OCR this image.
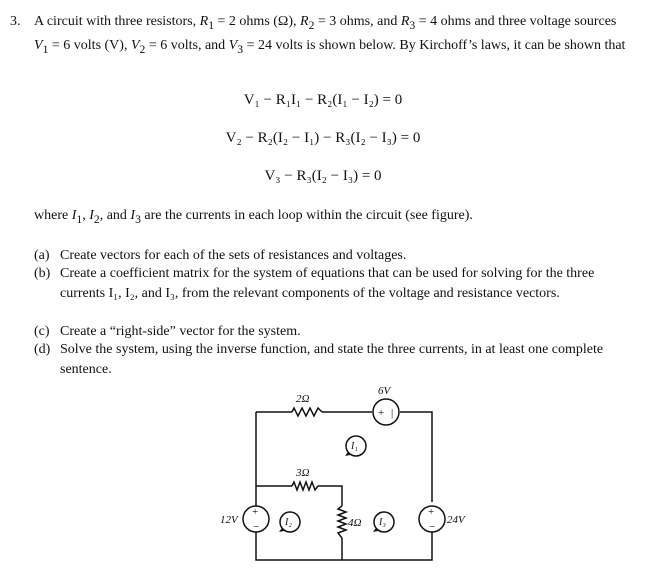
3. A circuit with three resistors, $R_1 = 2$ ohms (Ω), $R_2 = 3$ ohms, and $R_3 = 4$ ohms and three voltage sources $V_1 = 6$ volts (V), $V_2 = 6$ volts, and $V_3 = 24$ volts is shown below. By Kirchoff’s laws, it can be shown that

V₁ − R₁I₁ − R₂(I₁ − I₂) = 0
V₂ − R₂(I₂ − I₁) − R₃(I₂ − I₃) = 0
V₃ − R₃(I₂ − I₃) = 0

where $I_1$, $I_2$, and $I_3$ are the currents in each loop within the circuit (see figure).

(a) Create vectors for each of the sets of resistances and voltages.
(b) Create a coefficient matrix for the system of equations that can be used for solving for the three currents I₁, I₂, and I₃, from the relevant components of the voltage and resistance vectors.
(c) Create a “right-side” vector for the system.
(d) Solve the system, using the inverse function, and state the three currents, in at least one complete sentence.
+ |
+
−
+
−
2Ω
3Ω
4Ω
6V
12V	24V
I₁
I₂	I₃
